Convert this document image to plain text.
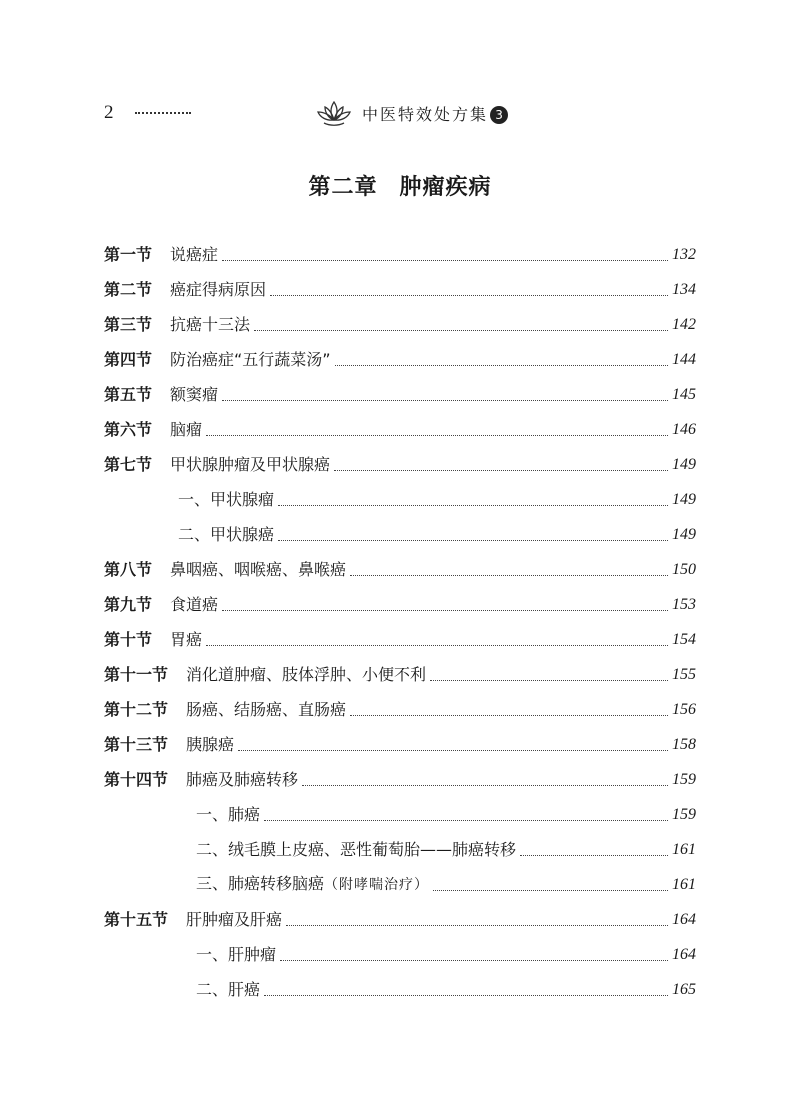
2	中医特效处方集 3
第二章 肿瘤疾病
第一节 说癌症	132
第二节 癌症得病原因	134
第三节 抗癌十三法	142
第四节 防治癌症“五行蔬菜汤”	144
第五节 额窦瘤	145
第六节 脑瘤	146
第七节 甲状腺肿瘤及甲状腺癌	149
一、甲状腺瘤	149
二、甲状腺癌	149
第八节 鼻咽癌、咽喉癌、鼻喉癌	150
第九节 食道癌	153
第十节 胃癌	154
第十一节 消化道肿瘤、肢体浮肿、小便不利	155
第十二节 肠癌、结肠癌、直肠癌	156
第十三节 胰腺癌	158
第十四节 肺癌及肺癌转移	159
一、肺癌	159
二、绒毛膜上皮癌、恶性葡萄胎——肺癌转移	161
三、肺癌转移脑癌（附哮喘治疗）	161
第十五节 肝肿瘤及肝癌	164
一、肝肿瘤	164
二、肝癌	165
